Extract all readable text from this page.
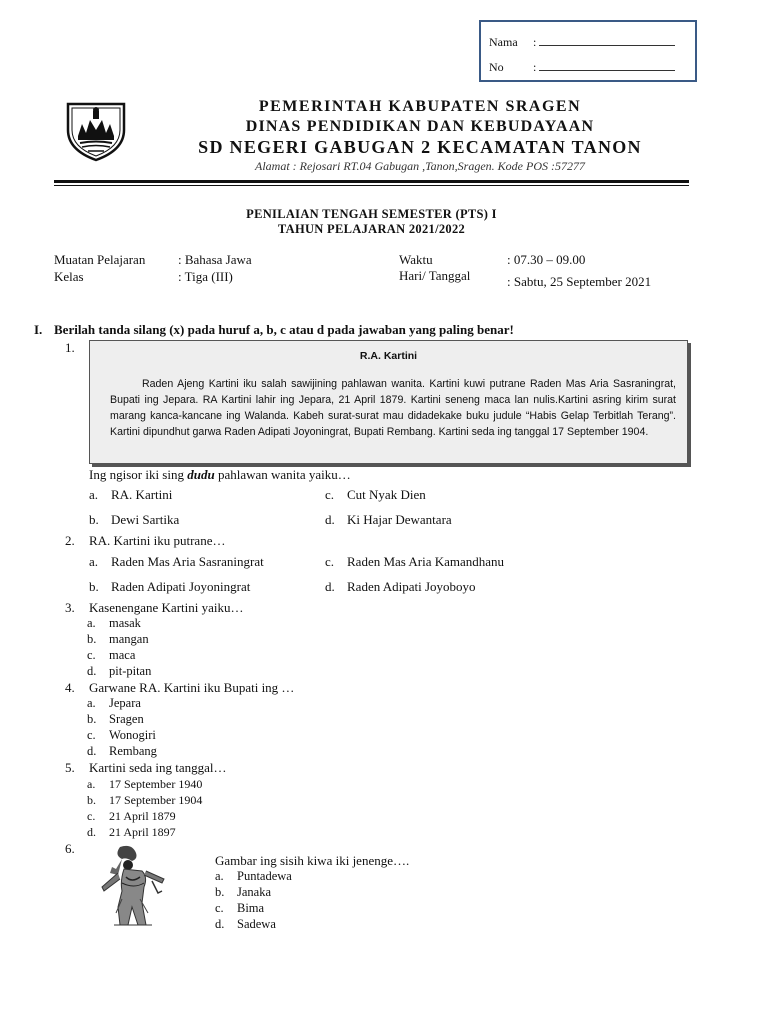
Nama :
No :
PEMERINTAH KABUPATEN SRAGEN
DINAS PENDIDIKAN DAN KEBUDAYAAN
SD NEGERI GABUGAN 2 KECAMATAN TANON
Alamat : Rejosari RT.04 Gabugan ,Tanon,Sragen. Kode POS :57277
PENILAIAN TENGAH SEMESTER (PTS) I
TAHUN PELAJARAN 2021/2022
Muatan Pelajaran	: Bahasa Jawa
Kelas	: Tiga (III)
Waktu	: 07.30 – 09.00
Hari/ Tanggal	: Sabtu, 25 September 2021
I. Berilah tanda silang (x) pada huruf a, b, c atau d pada jawaban yang paling benar!
1.
R.A. Kartini
Raden Ajeng Kartini iku salah sawijining pahlawan wanita. Kartini kuwi putrane Raden Mas Aria Sasraningrat, Bupati ing Jepara. RA Kartini lahir ing Jepara, 21 April 1879. Kartini seneng maca lan nulis.Kartini asring kirim surat marang kanca-kancane ing Walanda. Kabeh surat-surat mau didadekake buku judule “Habis Gelap Terbitlah Terang”. Kartini dipundhut garwa Raden Adipati Joyoningrat, Bupati Rembang. Kartini seda ing tanggal 17 September 1904.
Ing ngisor iki sing dudu pahlawan wanita yaiku…
a. RA. Kartini
b. Dewi Sartika
c. Cut Nyak Dien
d. Ki Hajar Dewantara
2. RA. Kartini iku putrane…
a. Raden Mas Aria Sasraningrat
b. Raden Adipati Joyoningrat
c. Raden Mas Aria Kamandhanu
d. Raden Adipati Joyoboyo
3. Kasenengane Kartini yaiku…
a. masak
b. mangan
c. maca
d. pit-pitan
4. Garwane RA. Kartini iku Bupati ing …
a. Jepara
b. Sragen
c. Wonogiri
d. Rembang
5. Kartini seda ing tanggal…
a. 17 September 1940
b. 17 September 1904
c. 21 April 1879
d. 21 April 1897
6.
Gambar ing sisih kiwa iki jenenge….
a. Puntadewa
b. Janaka
c. Bima
d. Sadewa
